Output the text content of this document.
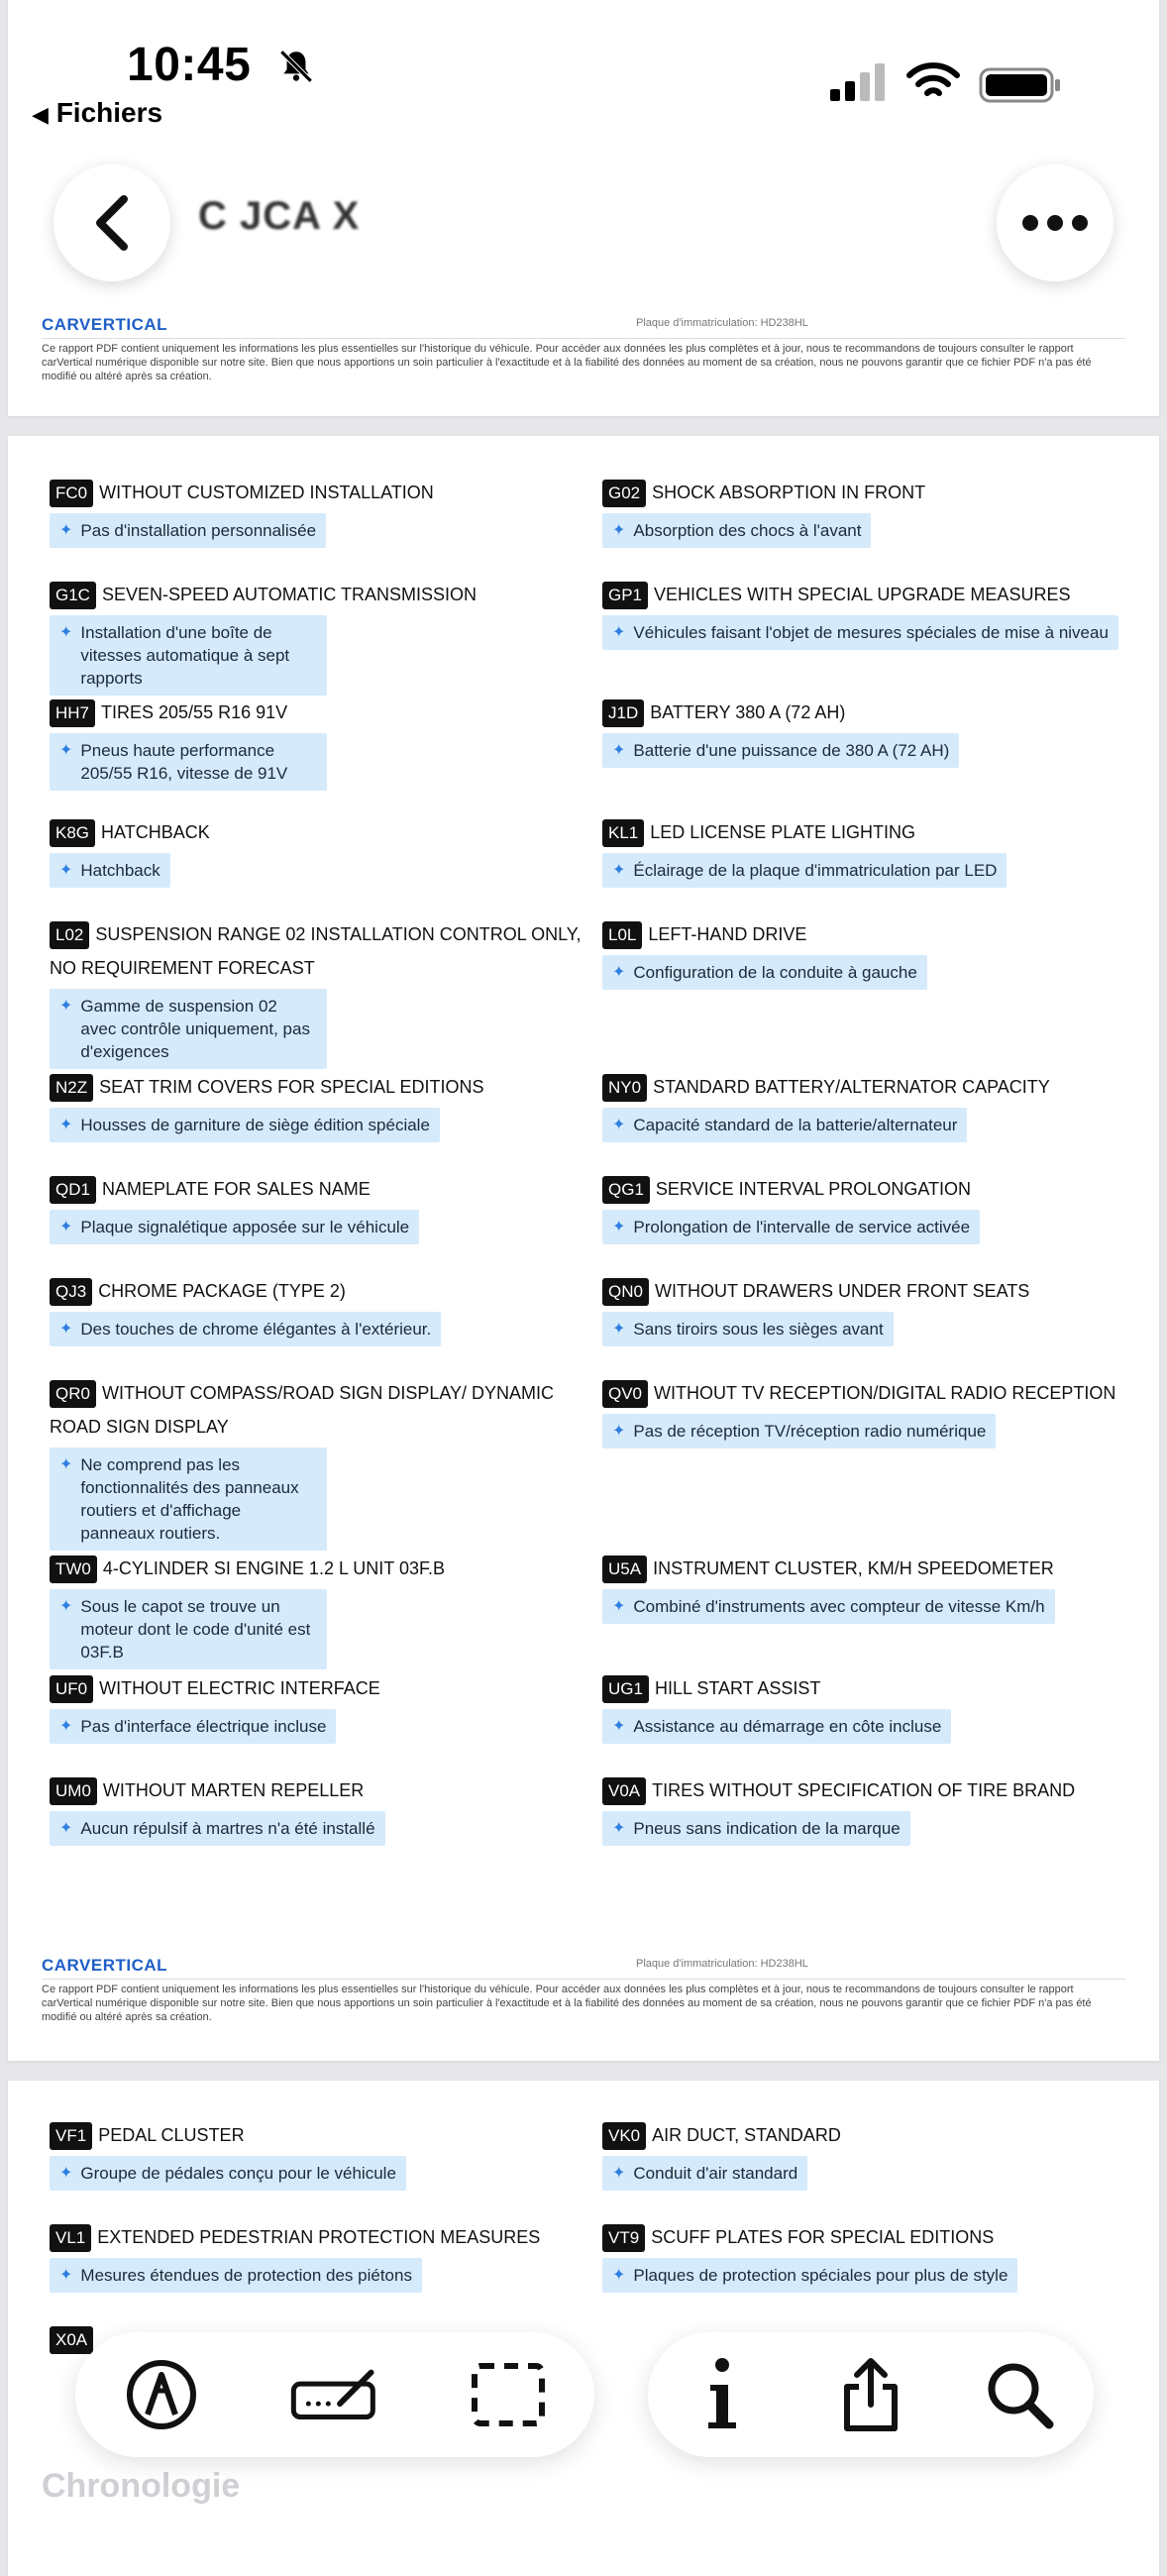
CARVERTICAL	Plaque d'immatriculation: HD238HL
Ce rapport PDF contient uniquement les informations les plus essentielles sur l'historique du véhicule. Pour accéder aux données les plus complètes et à jour, nous te recommandons de toujours consulter le rapport carVertical numérique disponible sur notre site. Bien que nous apportions un soin particulier à l'exactitude et à la fiabilité des données au moment de sa création, nous ne pouvons garantir que ce fichier PDF n'a pas été modifié ou altéré après sa création.
FC0 WITHOUT CUSTOMIZED INSTALLATION
✦ Pas d'installation personnalisée
G02 SHOCK ABSORPTION IN FRONT
✦ Absorption des chocs à l'avant
G1C SEVEN-SPEED AUTOMATIC TRANSMISSION
✦ Installation d'une boîte de vitesses automatique à sept rapports
GP1 VEHICLES WITH SPECIAL UPGRADE MEASURES
✦ Véhicules faisant l'objet de mesures spéciales de mise à niveau
HH7 TIRES 205/55 R16 91V
✦ Pneus haute performance 205/55 R16, vitesse de 91V
J1D BATTERY 380 A (72 AH)
✦ Batterie d'une puissance de 380 A (72 AH)
K8G HATCHBACK
✦ Hatchback
KL1 LED LICENSE PLATE LIGHTING
✦ Éclairage de la plaque d'immatriculation par LED
L02 SUSPENSION RANGE 02 INSTALLATION CONTROL ONLY, NO REQUIREMENT FORECAST
✦ Gamme de suspension 02 avec contrôle uniquement, pas d'exigences
L0L LEFT-HAND DRIVE
✦ Configuration de la conduite à gauche
N2Z SEAT TRIM COVERS FOR SPECIAL EDITIONS
✦ Housses de garniture de siège édition spéciale
NY0 STANDARD BATTERY/ALTERNATOR CAPACITY
✦ Capacité standard de la batterie/alternateur
QD1 NAMEPLATE FOR SALES NAME
✦ Plaque signalétique apposée sur le véhicule
QG1 SERVICE INTERVAL PROLONGATION
✦ Prolongation de l'intervalle de service activée
QJ3 CHROME PACKAGE (TYPE 2)
✦ Des touches de chrome élégantes à l'extérieur.
QN0 WITHOUT DRAWERS UNDER FRONT SEATS
✦ Sans tiroirs sous les sièges avant
QR0 WITHOUT COMPASS/ROAD SIGN DISPLAY/ DYNAMIC ROAD SIGN DISPLAY
✦ Ne comprend pas les fonctionnalités des panneaux routiers et d'affichage panneaux routiers.
QV0 WITHOUT TV RECEPTION/DIGITAL RADIO RECEPTION
✦ Pas de réception TV/réception radio numérique
TW0 4-CYLINDER SI ENGINE 1.2 L UNIT 03F.B
✦ Sous le capot se trouve un moteur dont le code d'unité est 03F.B
U5A INSTRUMENT CLUSTER, KM/H SPEEDOMETER
✦ Combiné d'instruments avec compteur de vitesse Km/h
UF0 WITHOUT ELECTRIC INTERFACE
✦ Pas d'interface électrique incluse
UG1 HILL START ASSIST
✦ Assistance au démarrage en côte incluse
UM0 WITHOUT MARTEN REPELLER
✦ Aucun répulsif à martres n'a été installé
V0A TIRES WITHOUT SPECIFICATION OF TIRE BRAND
✦ Pneus sans indication de la marque
CARVERTICAL	Plaque d'immatriculation: HD238HL
Ce rapport PDF contient uniquement les informations les plus essentielles sur l'historique du véhicule. Pour accéder aux données les plus complètes et à jour, nous te recommandons de toujours consulter le rapport carVertical numérique disponible sur notre site. Bien que nous apportions un soin particulier à l'exactitude et à la fiabilité des données au moment de sa création, nous ne pouvons garantir que ce fichier PDF n'a pas été modifié ou altéré après sa création.
VF1 PEDAL CLUSTER
✦ Groupe de pédales conçu pour le véhicule
VK0 AIR DUCT, STANDARD
✦ Conduit d'air standard
VL1 EXTENDED PEDESTRIAN PROTECTION MEASURES
✦ Mesures étendues de protection des piétons
VT9 SCUFF PLATES FOR SPECIAL EDITIONS
✦ Plaques de protection spéciales pour plus de style
X0A
Chronologie
10:45
◀ Fichiers
C JCA X
